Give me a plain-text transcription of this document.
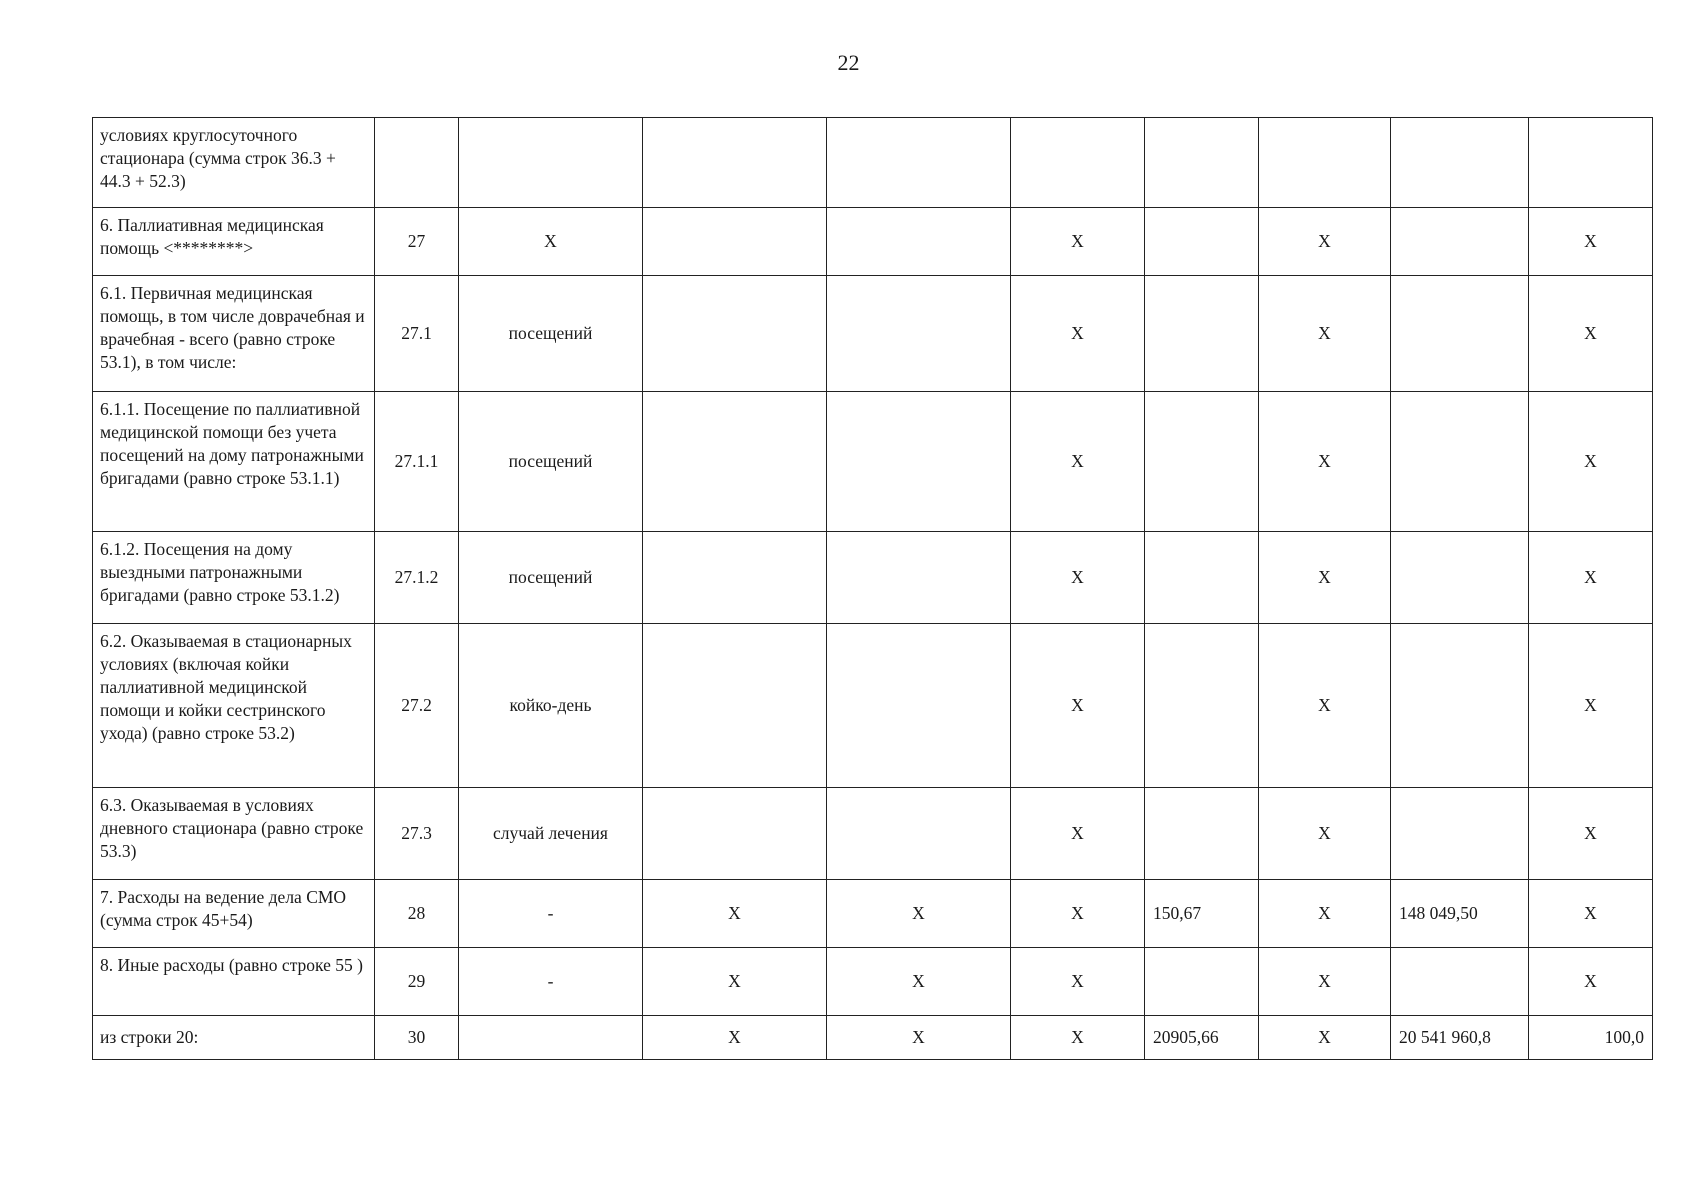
22
условиях круглосуточного стационара (сумма строк 36.3 + 44.3 + 52.3)									
6. Паллиативная медицинская помощь <********>	27	Х			Х		Х		Х
6.1. Первичная медицинская помощь, в том числе доврачебная и врачебная - всего (равно строке 53.1), в том числе:	27.1	посещений			Х		Х		Х
6.1.1. Посещение по паллиативной медицинской помощи без учета посещений на дому патронажными бригадами (равно строке 53.1.1)	27.1.1	посещений			Х		Х		Х
6.1.2. Посещения на дому выездными патронажными бригадами (равно строке 53.1.2)	27.1.2	посещений			Х		Х		Х
6.2. Оказываемая в стационарных условиях (включая койки паллиативной медицинской помощи и койки сестринского ухода) (равно строке 53.2)	27.2	койко-день			Х		Х		Х
6.3. Оказываемая в условиях дневного стационара (равно строке 53.3)	27.3	случай лечения			Х		Х		Х
7. Расходы на ведение дела СМО (сумма строк 45+54)	28	-	Х	Х	Х	150,67	Х	148 049,50	Х
8. Иные расходы (равно строке 55 )	29	-	Х	Х	Х		Х		Х
из строки 20:	30		Х	Х	Х	20905,66	Х	20 541 960,8	100,0
